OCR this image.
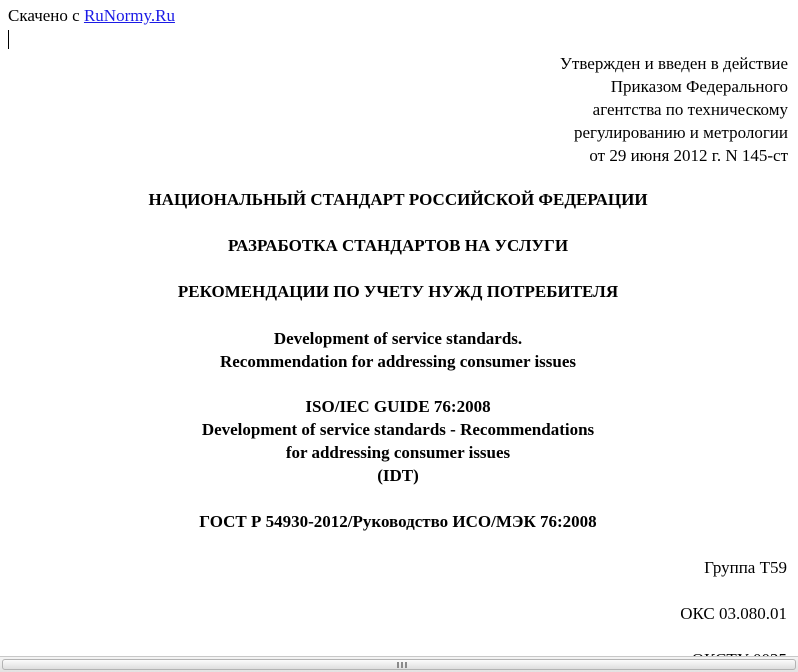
Скачено с RuNormy.Ru
Утвержден и введен в действие
Приказом Федерального
агентства по техническому
регулированию и метрологии
от 29 июня 2012 г. N 145-ст
НАЦИОНАЛЬНЫЙ СТАНДАРТ РОССИЙСКОЙ ФЕДЕРАЦИИ
РАЗРАБОТКА СТАНДАРТОВ НА УСЛУГИ
РЕКОМЕНДАЦИИ ПО УЧЕТУ НУЖД ПОТРЕБИТЕЛЯ
Development of service standards.
Recommendation for addressing consumer issues
ISO/IEC GUIDE 76:2008
Development of service standards - Recommendations
for addressing consumer issues
(IDT)
ГОСТ Р 54930-2012/Руководство ИСО/МЭК 76:2008
Группа Т59
ОКС 03.080.01
